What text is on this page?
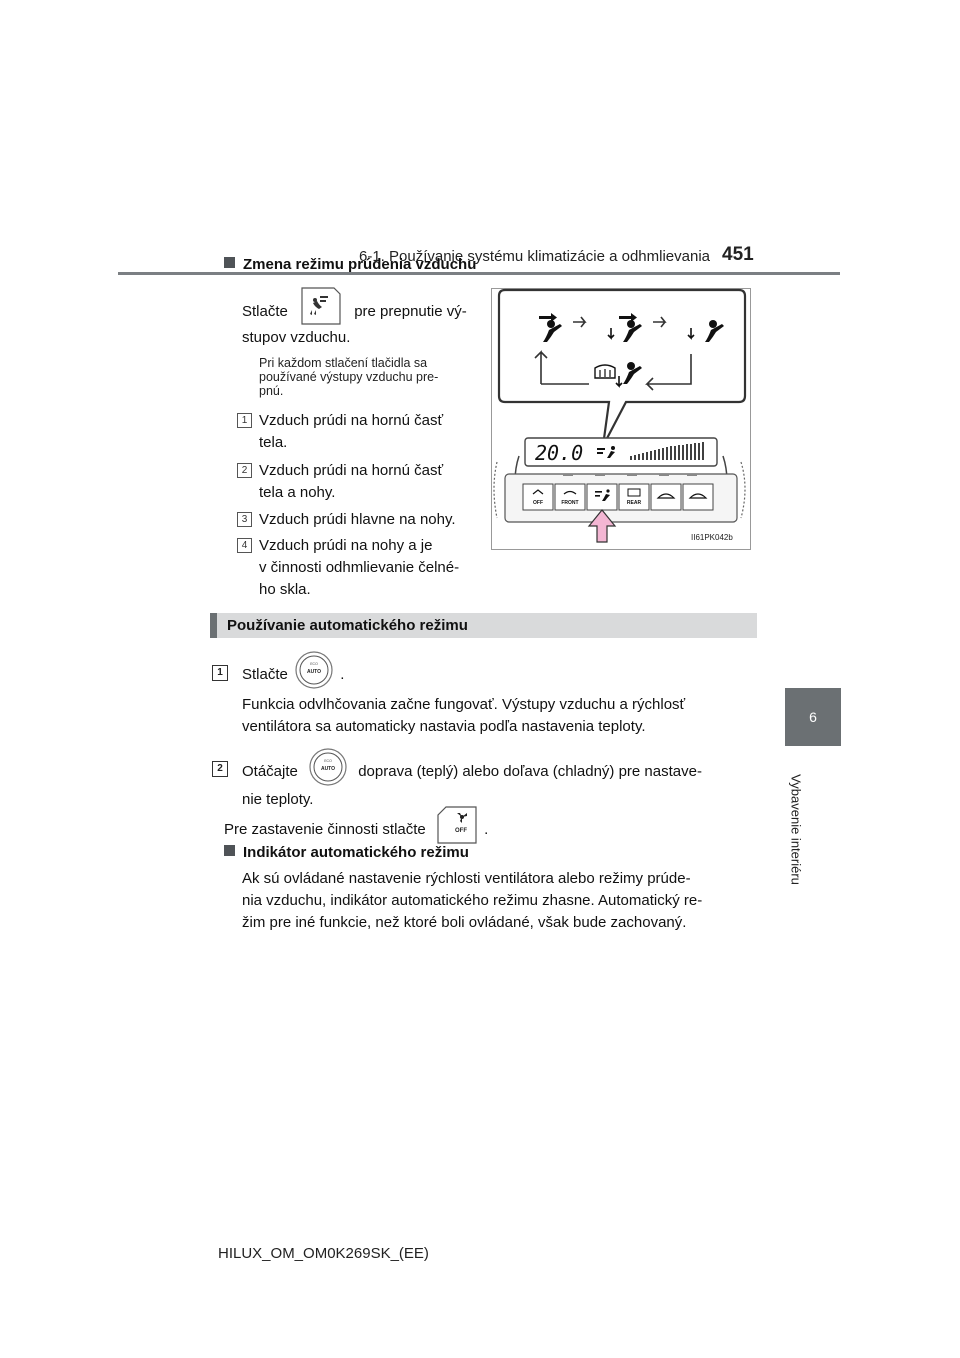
6-1. Používanie systému klimatizácie a odhmlievania 451
6
Vybavenie interiéru
Zmena režimu prúdenia vzduchu
Stlačte	pre prepnutie vý-
stupov vzduchu.
Pri každom stlačení tlačidla sa
používané výstupy vzduchu pre-
pnú.
1 Vzduch prúdi na hornú časť
tela.
2 Vzduch prúdi na hornú časť
tela a nohy.
3 Vzduch prúdi hlavne na nohy.
4 Vzduch prúdi na nohy a je
v činnosti odhmlievanie čelné-
ho skla.
20.0
OFF	FRONT	REAR
II61PK042b
Používanie automatického režimu
1	Stlačte
ECO
AUTO .
Funkcia odvlhčovania začne fungovať. Výstupy vzduchu a rýchlosť
ventilátora sa automaticky nastavia podľa nastavenia teploty.
2	Otáčajte
ECO
AUTO doprava (teplý) alebo doľava (chladný) pre nastave-
nie teploty.
Pre zastavenie činnosti stlačte	OFF .
Indikátor automatického režimu
Ak sú ovládané nastavenie rýchlosti ventilátora alebo režimy prúde-
nia vzduchu, indikátor automatického režimu zhasne. Automatický re-
žim pre iné funkcie, než ktoré boli ovládané, však bude zachovaný.
HILUX_OM_OM0K269SK_(EE)
